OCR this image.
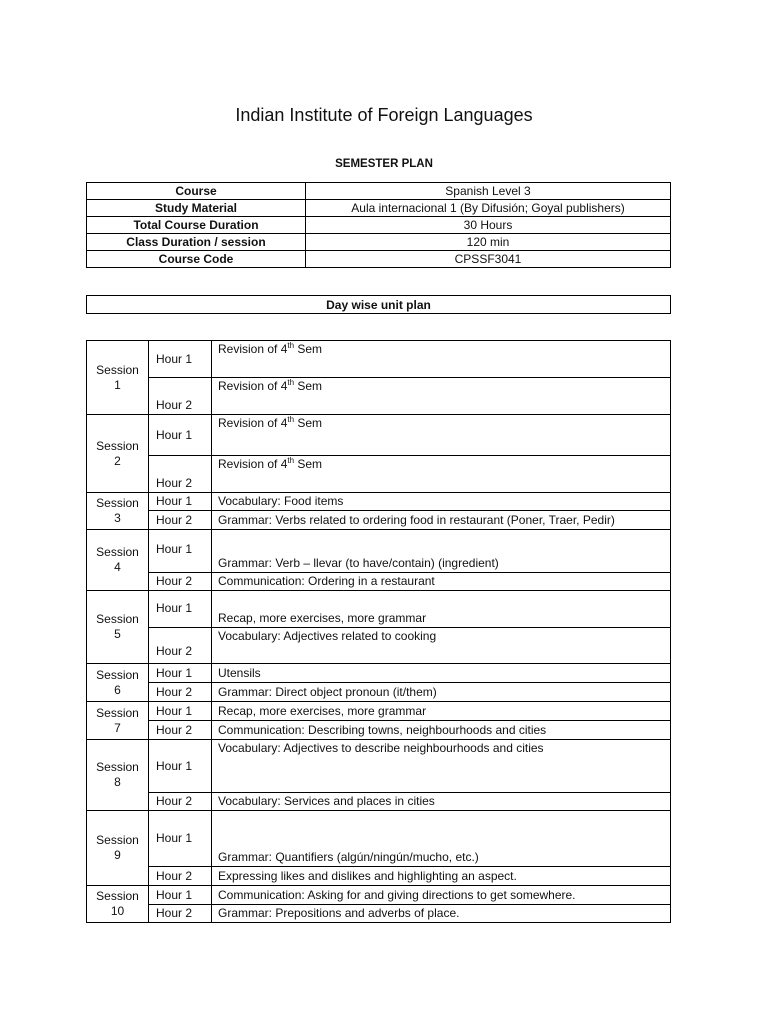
Indian Institute of Foreign Languages
SEMESTER PLAN
Course	Spanish Level 3
Study Material	Aula internacional 1 (By Difusión; Goyal publishers)
Total Course Duration	30 Hours
Class Duration / session	120 min
Course Code	CPSSF3041
Day wise unit plan
Session 1	Hour 1	Revision of 4th Sem
	Hour 2	Revision of 4th Sem
Session 2	Hour 1	Revision of 4th Sem
	Hour 2	Revision of 4th Sem
Session 3	Hour 1	Vocabulary: Food items
	Hour 2	Grammar: Verbs related to ordering food in restaurant (Poner, Traer, Pedir)
Session 4	Hour 1	Grammar: Verb – llevar (to have/contain) (ingredient)
	Hour 2	Communication: Ordering in a restaurant
Session 5	Hour 1	Recap, more exercises, more grammar
	Hour 2	Vocabulary: Adjectives related to cooking
Session 6	Hour 1	Utensils
	Hour 2	Grammar: Direct object pronoun (it/them)
Session 7	Hour 1	Recap, more exercises, more grammar
	Hour 2	Communication: Describing towns, neighbourhoods and cities
Session 8	Hour 1	Vocabulary: Adjectives to describe neighbourhoods and cities
	Hour 2	Vocabulary: Services and places in cities
Session 9	Hour 1	Grammar: Quantifiers (algún/ningún/mucho, etc.)
	Hour 2	Expressing likes and dislikes and highlighting an aspect.
Session 10	Hour 1	Communication: Asking for and giving directions to get somewhere.
	Hour 2	Grammar: Prepositions and adverbs of place.
